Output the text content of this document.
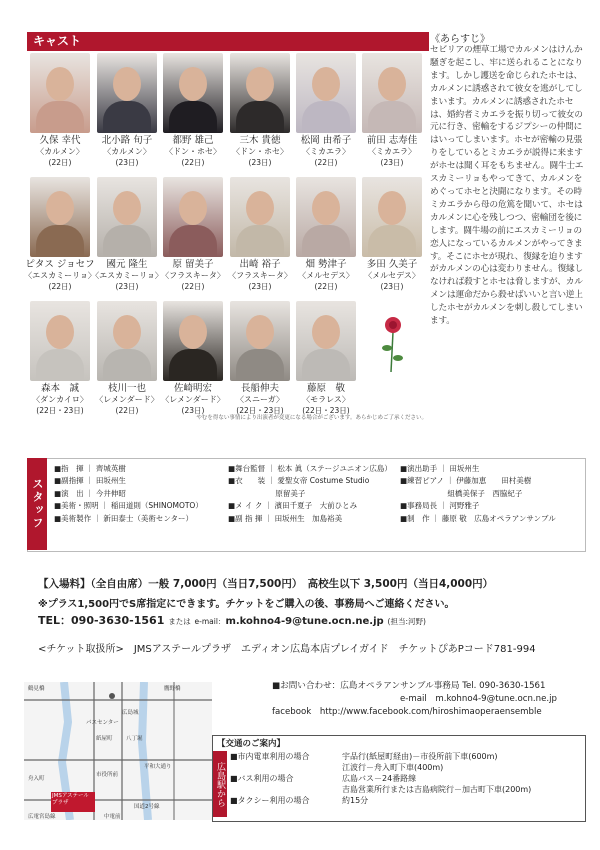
キャスト
久保 幸代
〈カルメン〉
(22日)
北小路 旬子
〈カルメン〉
(23日)
都野 雄己
〈ドン・ホセ〉
(22日)
三木 貴徳
〈ドン・ホセ〉
(23日)
松岡 由希子
〈ミカエラ〉
(22日)
前田 志寿佳
〈ミカエラ〉
(23日)
ピタス ジョセフ
〈エスカミーリョ〉
(22日)
國元 隆生
〈エスカミーリョ〉
(23日)
原 留美子
〈フラスキータ〉
(22日)
出崎 裕子
〈フラスキータ〉
(23日)
畑 勢津子
〈メルセデス〉
(22日)
多田 久美子
〈メルセデス〉
(23日)
森本　誠
〈ダンカイロ〉
(22日・23日)
枝川一也
〈レメンダード〉
(22日)
佐崎明宏
〈レメンダード〉
(23日)
長船伸夫
〈スニーガ〉
(22日・23日)
藤原　敬
〈モラレス〉
(22日・23日)
やむを得ない事情により出演者が変更になる場合がございます。あらかじめご了承ください。
《あらすじ》
セビリアの煙草工場でカルメンはけんか騒ぎを起こし、牢に送られることになります。しかし護送を命じられたホセは、カルメンに誘惑されて彼女を逃がしてしまいます。カルメンに誘惑されたホセは、婚約者ミカエラを振り切って彼女の元に行き、密輸をするジプシーの仲間にはいってしまいます。ホセが密輸の見張りをしているとミカエラが説得に来ますがホセは聞く耳をもちません。闘牛士エスカミーリョもやってきて、カルメンをめぐってホセと決闘になります。その時ミカエラから母の危篤を聞いて、ホセはカルメンに心を残しつつ、密輸団を後にします。闘牛場の前にエスカミーリョの恋人になっているカルメンがやってきます。そこにホセが現れ、復縁を迫りますがカルメンの心は変わりません。復縁しなければ殺すとホセは脅しますが、カルメンは運命だから殺せばいいと言い逆上したホセがカルメンを刺し殺してしまいます。
スタッフ
■指　揮 ｜ 齊城英樹
■副指揮 ｜ 田坂州生
■演　出 ｜ 今井伸昭
■美術・照明 ｜ 稲田道則（SHINOMOTO）
■美術製作 ｜ 新田泰士（美術センター）
■舞台監督 ｜ 松本 眞（ステージユニオン広島）
■衣　　装 ｜ 愛聖女帝 Costume Studio
　　　　　　 原留美子
■メ イ ク ｜ 濱田千夏子　大前ひとみ
■副 指 揮 ｜ 田坂州生　加島裕美
■演出助手 ｜ 田坂州生
■練習ピアノ ｜ 伊藤加恵　　田村美樹
　　　　　　 組橋美保子　西脇紀子
■事務局長 ｜ 河野雅子
■制　作 ｜ 藤原 敬　広島オペラアンサンブル
【入場料】（全自由席）一般 7,000円（当日7,500円）　高校生以下 3,500円（当日4,000円）
※プラス1,500円でS席指定にできます。チケットをご購入の後、事務局へご連絡ください。
TEL：090-3630-1561 または e-mail：m.kohno4-9@tune.ocn.ne.jp (担当:河野)
<チケット取扱所>　JMSアステールプラザ　エディオン広島本店プレイガイド　チケットぴあPコード781-994
鶴見橋	鷹野橋
広島城
パスセンター
紙屋町 八丁堀
市役所前
JMSアステールプラザ
舟入町
中電前
国道2号線
広電宮島線
平和大通り
■お問い合わせ：広島オペラアンサンブル事務局 Tel. 090-3630-1561
e-mail　m.kohno4-9@tune.ocn.ne.jp
facebook　http://www.facebook.com/hiroshimaoperaensemble
【交通のご案内】
広島駅から
■市内電車利用の場合	宇品行(紙屋町経由)－市役所前下車(600m)
江波行－舟入町下車(400m)
■バス利用の場合	広島バス－24番路線
吉島営業所行または吉島病院行－加古町下車(200m)
■タクシー利用の場合	約15分
